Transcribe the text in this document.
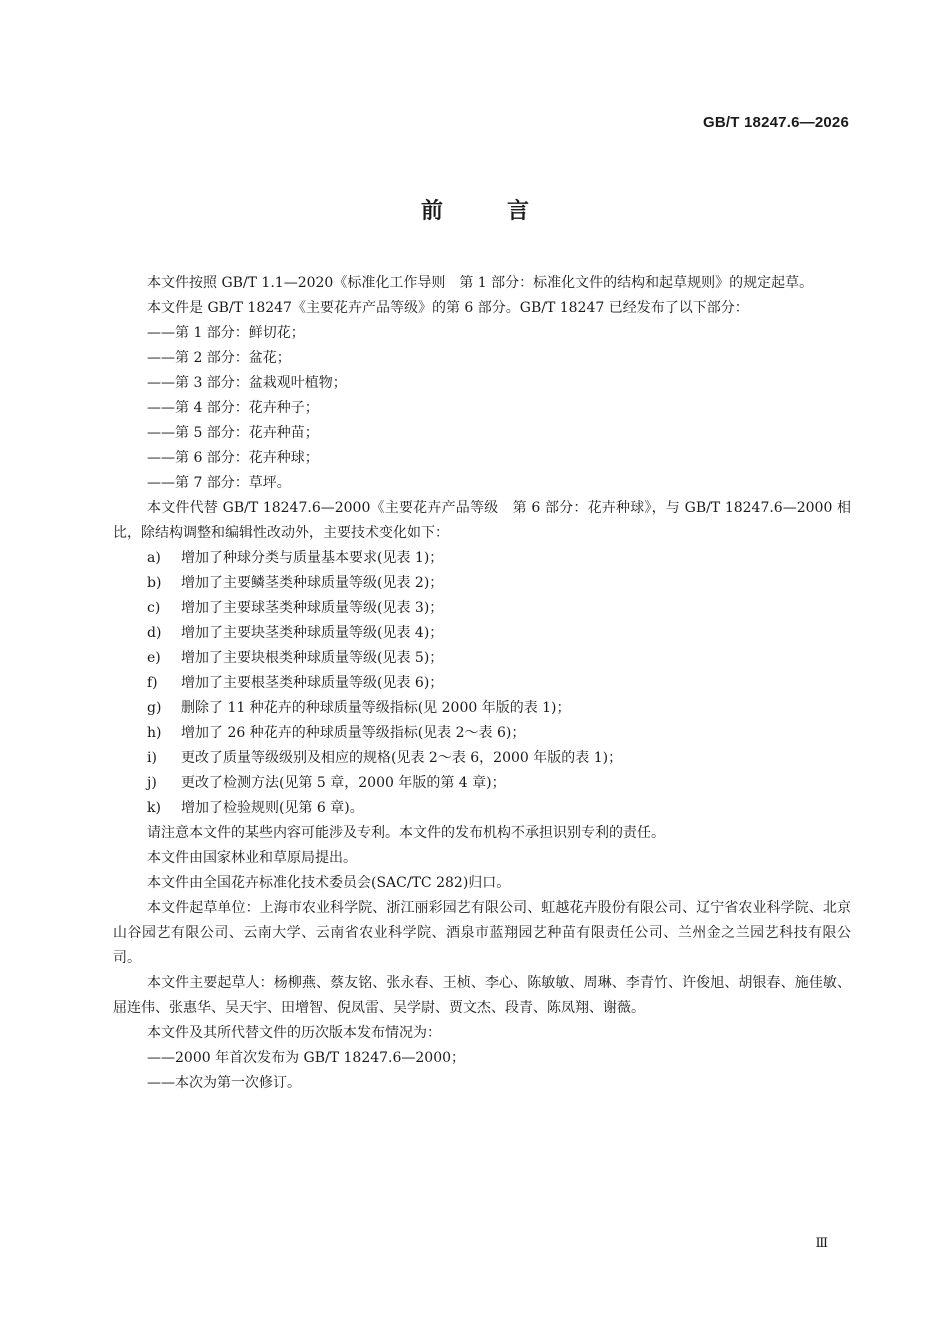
GB/T 18247.6—2026
前言

本文件按照 GB/T 1.1—2020《标准化工作导则　第 1 部分：标准化文件的结构和起草规则》的规定起草。

本文件是 GB/T 18247《主要花卉产品等级》的第 6 部分。GB/T 18247 已经发布了以下部分：

——第 1 部分：鲜切花；

——第 2 部分：盆花；

——第 3 部分：盆栽观叶植物；

——第 4 部分：花卉种子；

——第 5 部分：花卉种苗；

——第 6 部分：花卉种球；

——第 7 部分：草坪。

本文件代替 GB/T 18247.6—2000《主要花卉产品等级　第 6 部分：花卉种球》，与 GB/T 18247.6—2000 相比，除结构调整和编辑性改动外，主要技术变化如下：

a)	增加了种球分类与质量基本要求(见表 1)；
b)	增加了主要鳞茎类种球质量等级(见表 2)；
c)	增加了主要球茎类种球质量等级(见表 3)；
d)	增加了主要块茎类种球质量等级(见表 4)；
e)	增加了主要块根类种球质量等级(见表 5)；
f)	增加了主要根茎类种球质量等级(见表 6)；
g)	删除了 11 种花卉的种球质量等级指标(见 2000 年版的表 1)；
h)	增加了 26 种花卉的种球质量等级指标(见表 2～表 6)；
i)	更改了质量等级级别及相应的规格(见表 2～表 6，2000 年版的表 1)；
j)	更改了检测方法(见第 5 章，2000 年版的第 4 章)；
k)	增加了检验规则(见第 6 章)。

请注意本文件的某些内容可能涉及专利。本文件的发布机构不承担识别专利的责任。

本文件由国家林业和草原局提出。

本文件由全国花卉标准化技术委员会(SAC/TC 282)归口。

本文件起草单位：上海市农业科学院、浙江丽彩园艺有限公司、虹越花卉股份有限公司、辽宁省农业科学院、北京山谷园艺有限公司、云南大学、云南省农业科学院、酒泉市蓝翔园艺种苗有限责任公司、兰州金之兰园艺科技有限公司。

本文件主要起草人：杨柳燕、蔡友铭、张永春、王桢、李心、陈敏敏、周琳、李青竹、许俊旭、胡银春、施佳敏、屈连伟、张惠华、吴天宇、田增智、倪凤雷、吴学尉、贾文杰、段青、陈凤翔、谢薇。

本文件及其所代替文件的历次版本发布情况为：

——2000 年首次发布为 GB/T 18247.6—2000；

——本次为第一次修订。

Ⅲ
